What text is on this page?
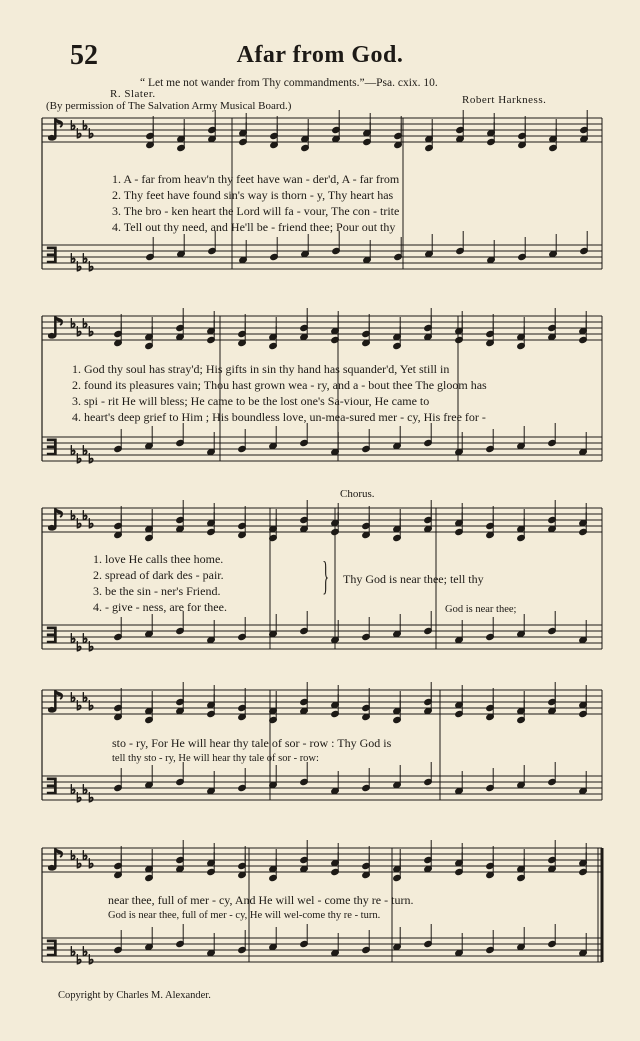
52	Afar from God.
“ Let me not wander from Thy commandments.”—Psa. cxix. 10.
R. Slater.
(By permission of The Salvation Army Musical Board.)	Robert Harkness.
♪
∃
♭
♭
♭
♭
♭
♭
♭
♭
♪
∃
♭
♭
♭
♭
♭
♭
♭
♭
♪
∃
♭
♭
♭
♭
♭
♭
♭
♭
♪
∃
♭
♭
♭
♭
♭
♭
♭
♭
♪
∃
♭
♭
♭
♭
♭
♭
♭
♭
1. A - far from heav'n thy feet have wan - der'd, A - far from
2. Thy feet have found sin's way is thorn - y, Thy heart has
3. The bro - ken heart the Lord will fa - vour, The con - trite
4. Tell out thy need, and He'll be - friend thee; Pour out thy
1. God thy soul has stray'd; His gifts in sin thy hand has squander'd, Yet still in
2. found its pleasures vain; Thou hast grown wea - ry, and a - bout thee The gloom has
3. spi - rit He will bless; He came to be the lost one's Sa-viour, He came to
4. heart's deep grief to Him ; His boundless love, un-mea-sured mer - cy, His free for -
Chorus.
1. love He calls thee home.
2. spread of dark des - pair.
3. be the sin - ner's Friend.
4. - give - ness, are for thee.
} Thy God is near thee; tell thy
God is near thee;
sto - ry, For He will hear thy tale of sor - row : Thy God is
tell thy sto - ry, He will hear thy tale of sor - row:
near thee, full of mer - cy, And He will wel - come thy re - turn.
God is near thee, full of mer - cy, He will wel-come thy re - turn.
Copyright by Charles M. Alexander.
